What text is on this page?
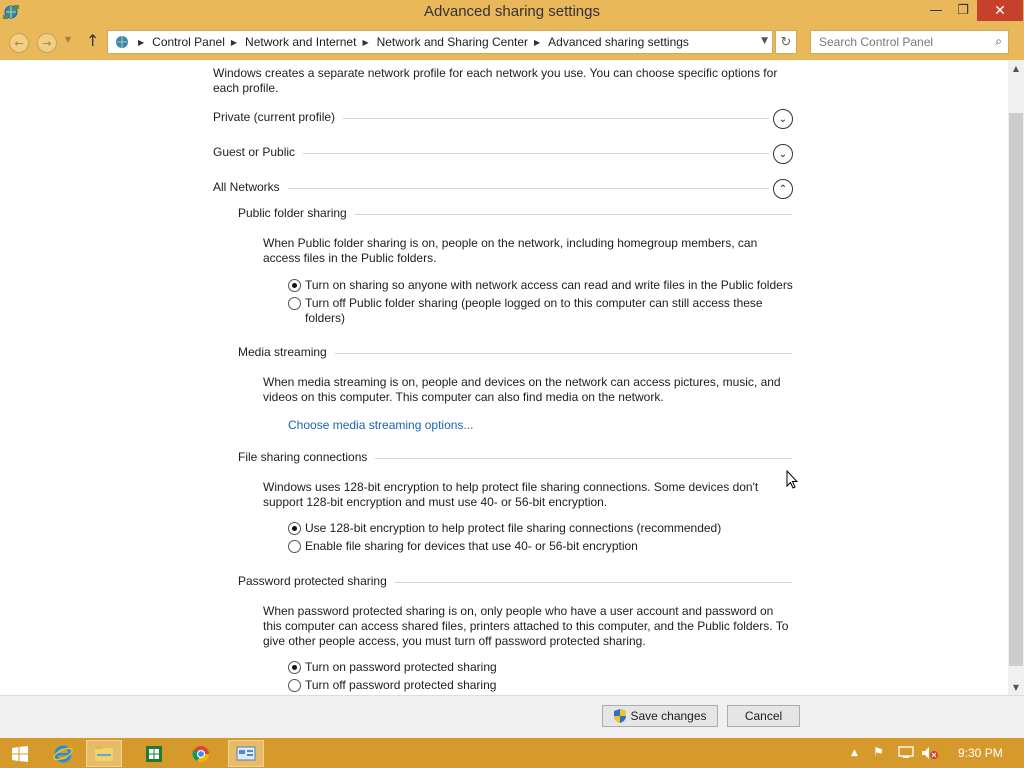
Advanced sharing settings	—	❐	✕
← → ▼ ↑	▶ Control Panel ▶ Network and Internet ▶ Network and Sharing Center ▶ Advanced sharing settings	▼ ↻	Search Control Panel	⌕
Windows creates a separate network profile for each network you use. You can choose specific options for each profile.
Private (current profile)	⌄
Guest or Public	⌄
All Networks	⌃
Public folder sharing
When Public folder sharing is on, people on the network, including homegroup members, can access files in the Public folders.
Turn on sharing so anyone with network access can read and write files in the Public folders
Turn off Public folder sharing (people logged on to this computer can still access these folders)
Media streaming
When media streaming is on, people and devices on the network can access pictures, music, and videos on this computer. This computer can also find media on the network.
Choose media streaming options...
File sharing connections
Windows uses 128-bit encryption to help protect file sharing connections. Some devices don't support 128-bit encryption and must use 40- or 56-bit encryption.
Use 128-bit encryption to help protect file sharing connections (recommended)
Enable file sharing for devices that use 40- or 56-bit encryption
Password protected sharing
When password protected sharing is on, only people who have a user account and password on this computer can access shared files, printers attached to this computer, and the Public folders. To give other people access, you must turn off password protected sharing.
Turn on password protected sharing
Turn off password protected sharing
▲
▼
Save changes	Cancel
▲ ⚑	9:30 PM
